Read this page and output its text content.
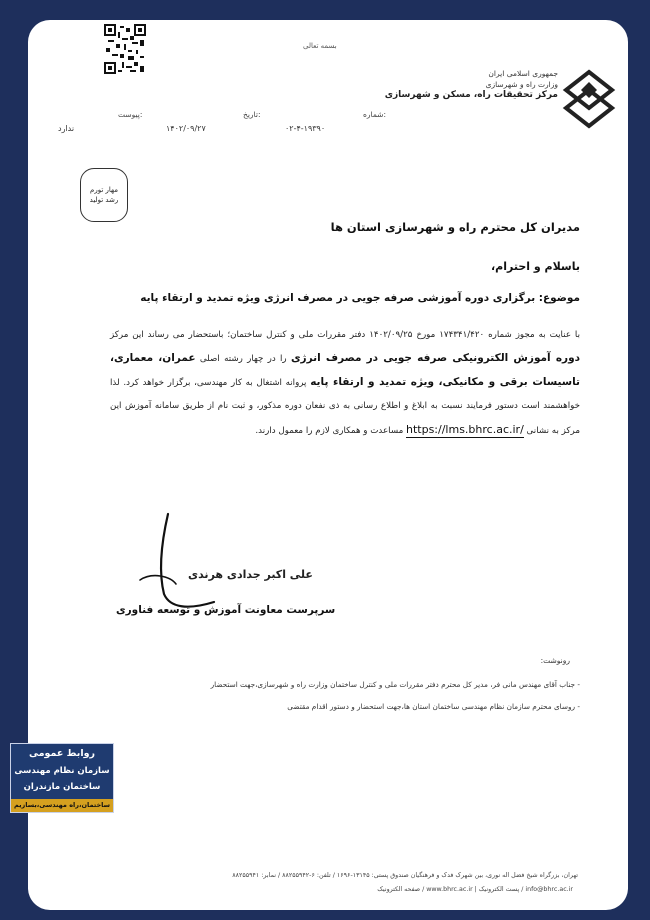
بسمه تعالی
جمهوری اسلامی ایران
وزارت راه و شهرسازی
مرکز تحقیقات راه، مسکن و شهرسازی
پیوست:	تاریخ:	شماره:
ندارد	۱۴۰۲/۰۹/۲۷	۰۲-۴-۱۹۳۹۰
مهار تورم
رشد تولید
مدیران کل محترم راه و شهرسازی استان ها
باسلام و احترام،
موضوع: برگزاری دوره آموزشی صرفه جویی در مصرف انرژی ویژه تمدید و ارتقاء پایه
با عنایت به مجوز شماره ۱۷۴۳۴۱/۴۲۰ مورخ ۱۴۰۲/۰۹/۲۵ دفتر مقررات ملی و کنترل ساختمان؛ باستحضار می رساند این مرکز دوره آموزش الکترونیکی صرفه جویی در مصرف انرژی را در چهار رشته اصلی عمران، معماری، تاسیسات برقی و مکانیکی، ویژه تمدید و ارتقاء پایه پروانه اشتغال به کار مهندسی، برگزار خواهد کرد. لذا خواهشمند است دستور فرمایند نسبت به ابلاغ و اطلاع رسانی به ذی نفعان دوره مذکور، و ثبت نام از طریق سامانه آموزش این مرکز به نشانی https://lms.bhrc.ac.ir/ مساعدت و همکاری لازم را معمول دارند.
علی اکبر جدادی هرندی
سرپرست معاونت آموزش و توسعه فناوری
رونوشت:
- جناب آقای مهندس مانی فر، مدیر کل محترم دفتر مقررات ملی و کنترل ساختمان وزارت راه و شهرسازی،جهت استحضار
- روسای محترم سازمان نظام مهندسی ساختمان استان ها،جهت استحضار و دستور اقدام مقتضی
تهران، بزرگراه شیخ فضل اله نوری، بین شهرک فدک و فرهنگیان صندوق پستی: ۱۳۱۴۵-۱۶۹۶ / تلفن: ۶-۸۸۲۵۵۹۴۲ / نمابر: ۸۸۲۵۵۹۴۱
info@bhrc.ac.ir / پست الکترونیک | www.bhrc.ac.ir / صفحه الکترونیک
روابط عمومی
سازمان نظام مهندسی
ساختمان مازندران
ساختمان،راه مهندسی،بسازیم
